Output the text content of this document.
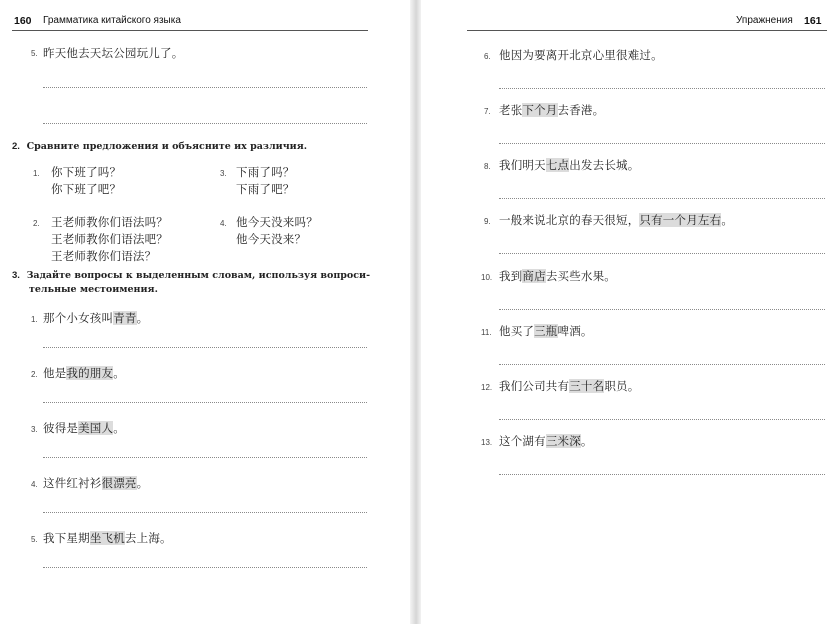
160 Грамматика китайского языка
5. 昨天他去天坛公园玩儿了。
2. Сравните предложения и объясните их различия.
1. 你下班了吗？
你下班了吧？
3. 下雨了吗？
下雨了吧？
2. 王老师教你们语法吗？
王老师教你们语法吧？
王老师教你们语法？
4. 他今天没来吗？
他今天没来？
3. Задайте вопросы к выделенным словам, используя вопроси-
тельные местоимения.
1. 那个小女孩叫青青。
2. 他是我的朋友。
3. 彼得是美国人。
4. 这件红衬衫很漂亮。
5. 我下星期坐飞机去上海。
Упражнения 161
6. 他因为要离开北京心里很难过。
7. 老张下个月去香港。
8. 我们明天七点出发去长城。
9. 一般来说北京的春天很短，只有一个月左右。
10. 我到商店去买些水果。
11. 他买了三瓶啤酒。
12. 我们公司共有三十名职员。
13. 这个湖有三米深。
